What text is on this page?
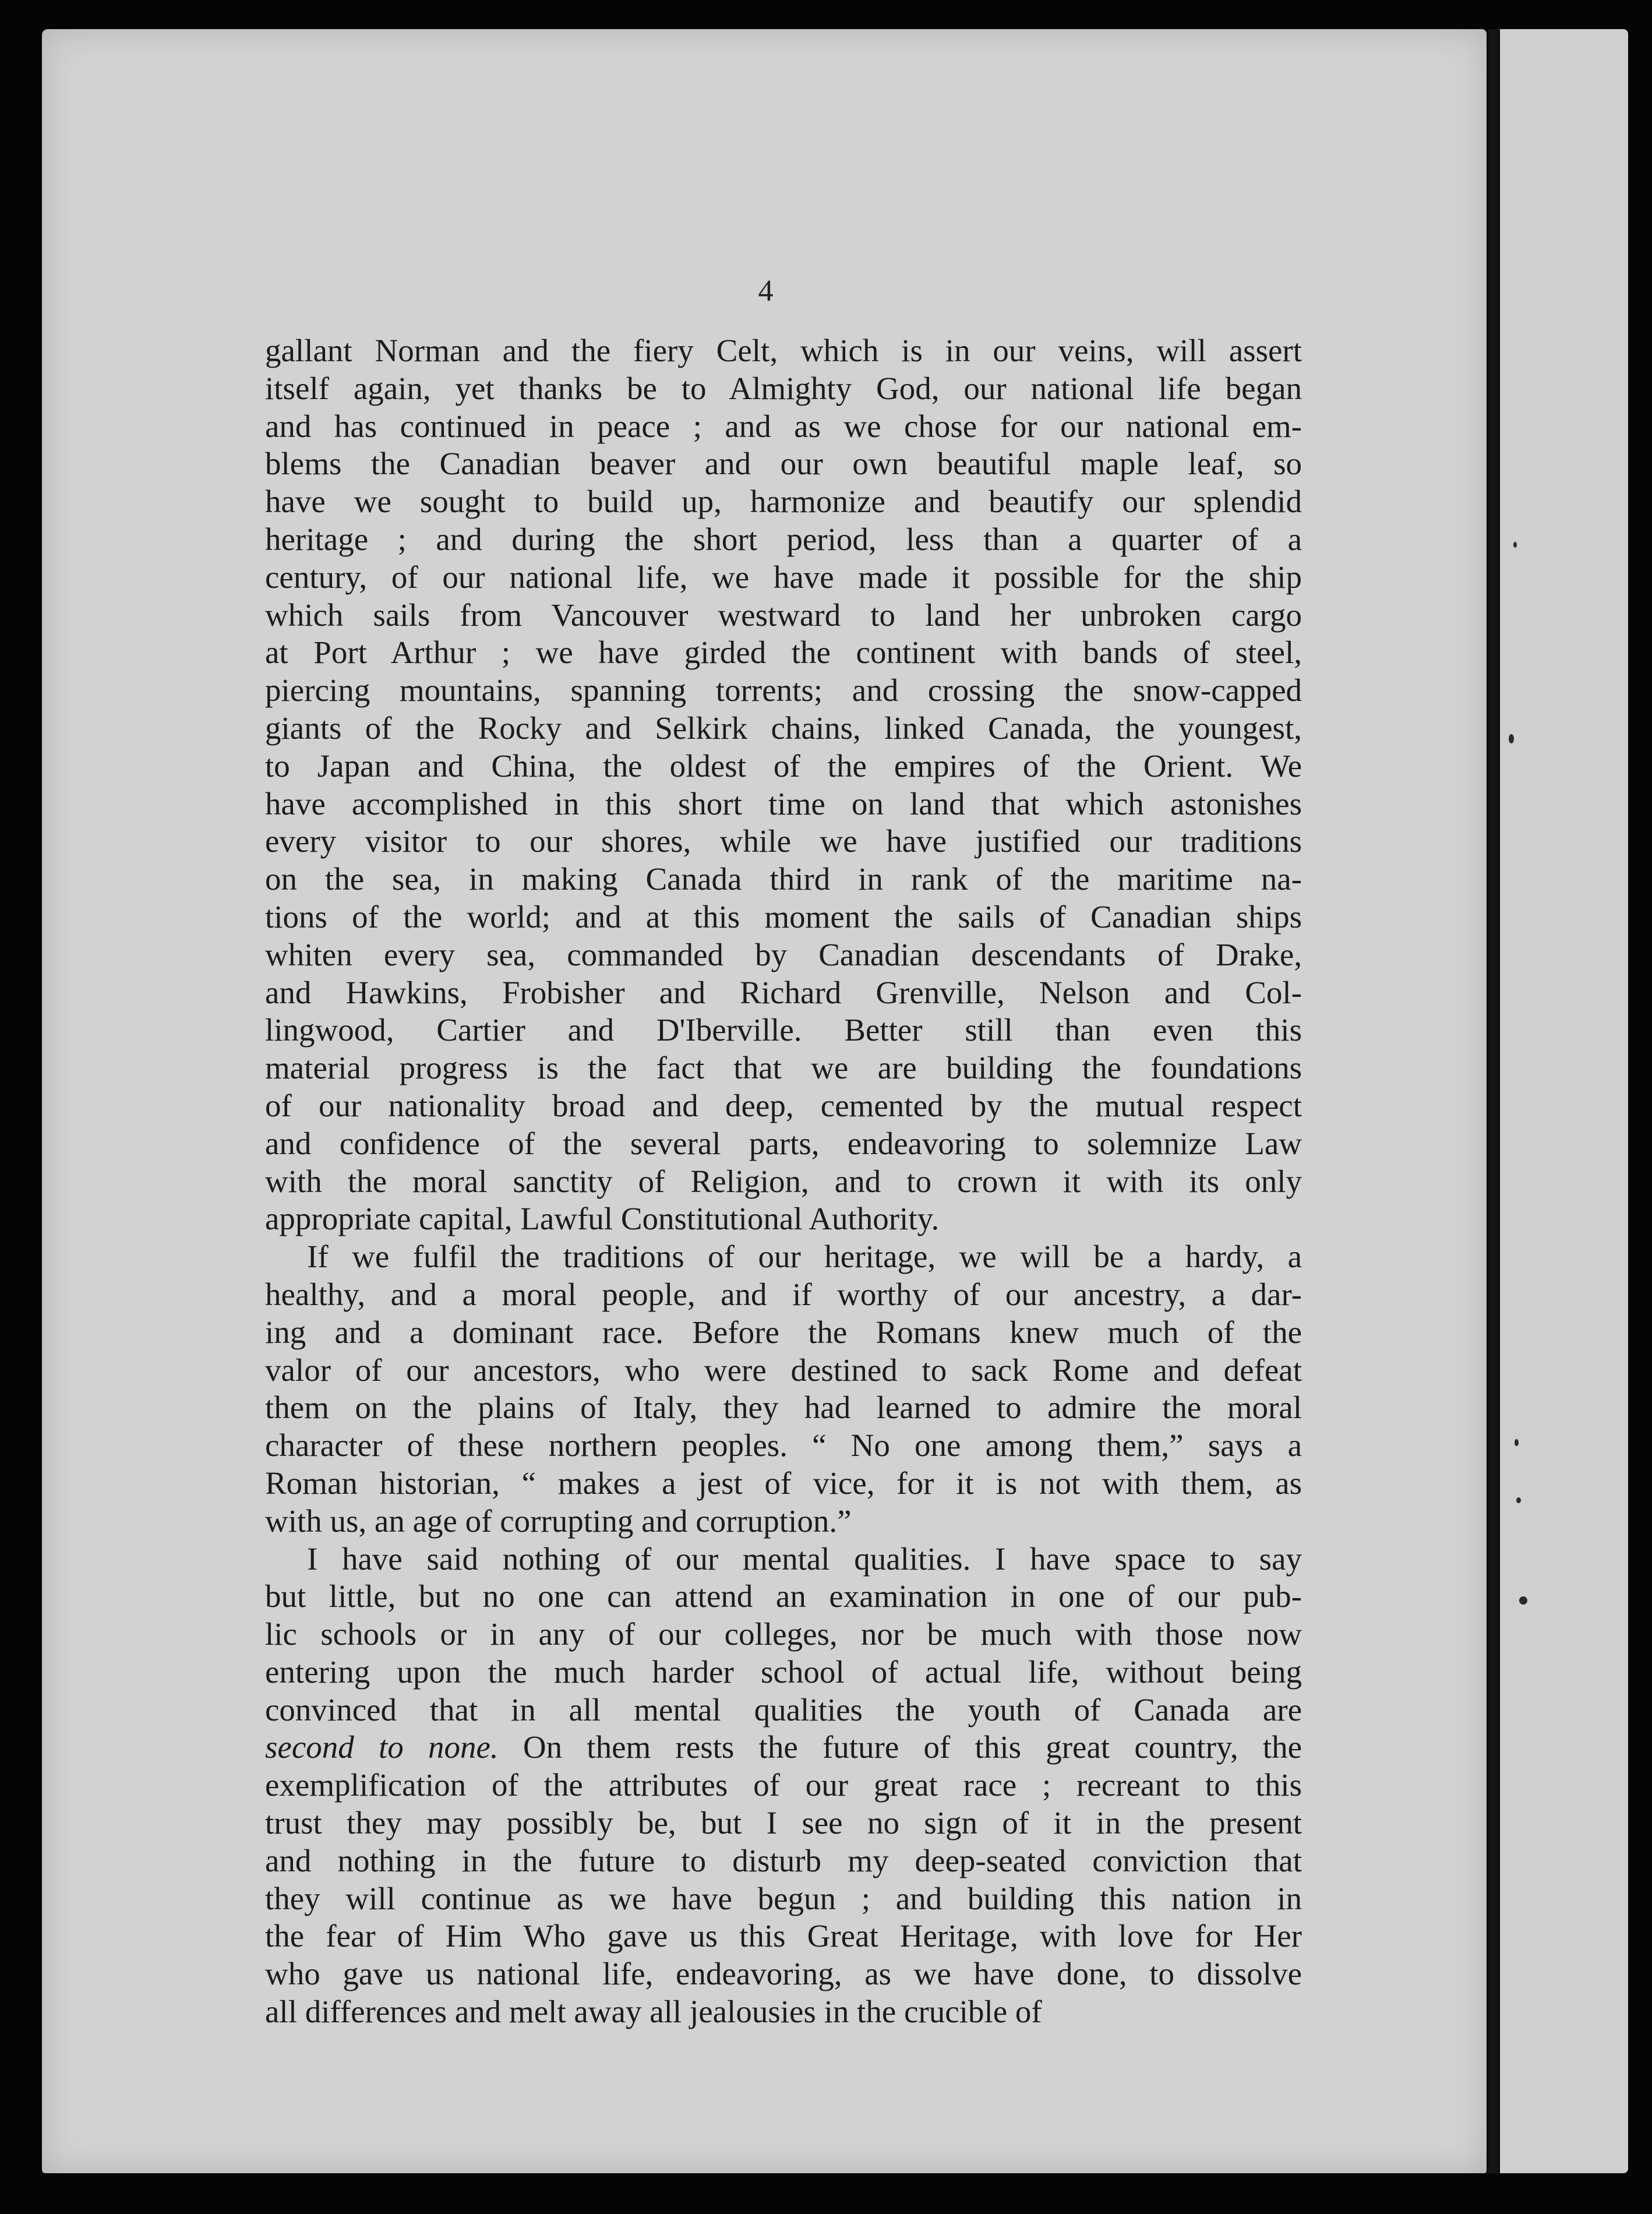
4
gallant Norman and the fiery Celt, which is in our veins, will assert
itself again, yet thanks be to Almighty God, our national life began
and has continued in peace ; and as we chose for our national em-
blems the Canadian beaver and our own beautiful maple leaf, so
have we sought to build up, harmonize and beautify our splendid
heritage ; and during the short period, less than a quarter of a
century, of our national life, we have made it possible for the ship
which sails from Vancouver westward to land her unbroken cargo
at Port Arthur ; we have girded the continent with bands of steel,
piercing mountains, spanning torrents; and crossing the snow-capped
giants of the Rocky and Selkirk chains, linked Canada, the youngest,
to Japan and China, the oldest of the empires of the Orient. We
have accomplished in this short time on land that which astonishes
every visitor to our shores, while we have justified our traditions
on the sea, in making Canada third in rank of the maritime na-
tions of the world; and at this moment the sails of Canadian ships
whiten every sea, commanded by Canadian descendants of Drake,
and Hawkins, Frobisher and Richard Grenville, Nelson and Col-
lingwood, Cartier and D'Iberville. Better still than even this
material progress is the fact that we are building the foundations
of our nationality broad and deep, cemented by the mutual respect
and confidence of the several parts, endeavoring to solemnize Law
with the moral sanctity of Religion, and to crown it with its only
appropriate capital, Lawful Constitutional Authority.
If we fulfil the traditions of our heritage, we will be a hardy, a
healthy, and a moral people, and if worthy of our ancestry, a dar-
ing and a dominant race. Before the Romans knew much of the
valor of our ancestors, who were destined to sack Rome and defeat
them on the plains of Italy, they had learned to admire the moral
character of these northern peoples. “ No one among them,” says a
Roman historian, “ makes a jest of vice, for it is not with them, as
with us, an age of corrupting and corruption.”
I have said nothing of our mental qualities. I have space to say
but little, but no one can attend an examination in one of our pub-
lic schools or in any of our colleges, nor be much with those now
entering upon the much harder school of actual life, without being
convinced that in all mental qualities the youth of Canada are
second to none. On them rests the future of this great country, the
exemplification of the attributes of our great race ; recreant to this
trust they may possibly be, but I see no sign of it in the present
and nothing in the future to disturb my deep-seated conviction that
they will continue as we have begun ; and building this nation in
the fear of Him Who gave us this Great Heritage, with love for Her
who gave us national life, endeavoring, as we have done, to dissolve
all differences and melt away all jealousies in the crucible of
